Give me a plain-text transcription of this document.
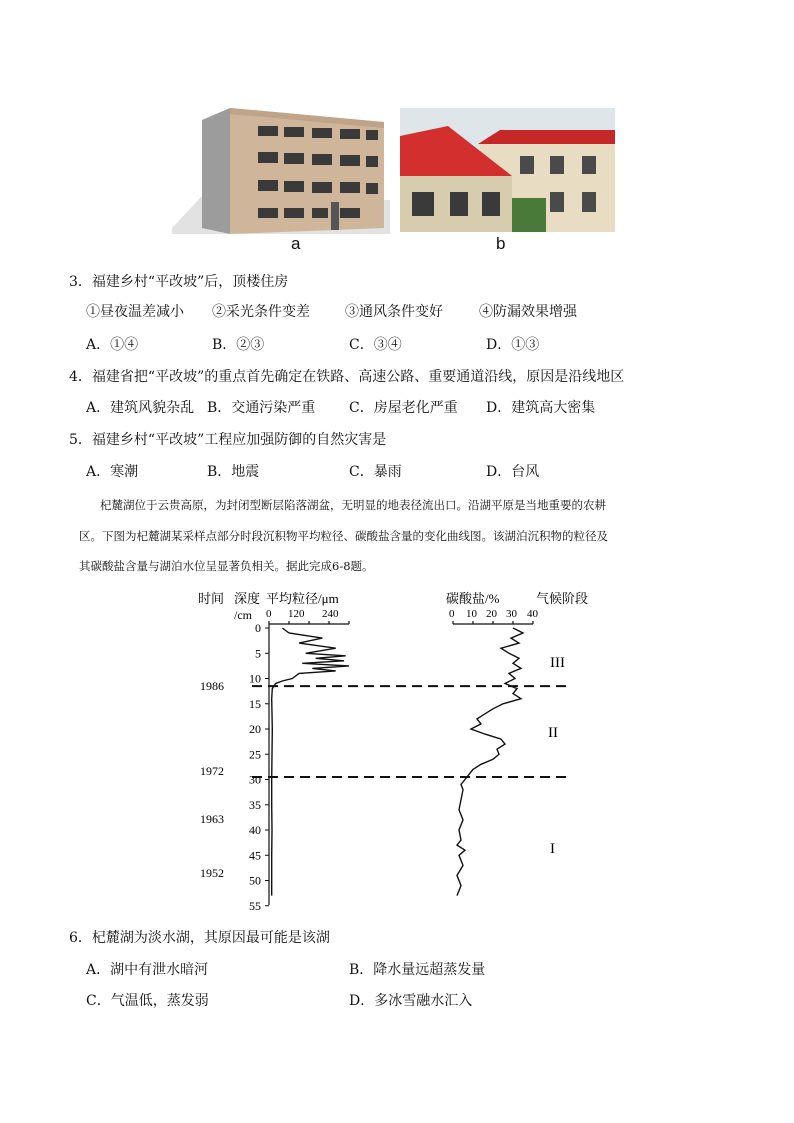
a	b
3．福建乡村“平改坡”后，顶楼住房
①昼夜温差减小 ②采光条件变差	③通风条件变好	④防漏效果增强
A．①④	B．②③	C．③④	D．①③
4．福建省把“平改坡”的重点首先确定在铁路、高速公路、重要通道沿线，原因是沿线地区
A．建筑风貌杂乱 B．交通污染严重 C．房屋老化严重 D．建筑高大密集
5．福建乡村“平改坡”工程应加强防御的自然灾害是
A．寒潮	B．地震	C．暴雨	D．台风
杞麓湖位于云贵高原，为封闭型断层陷落湖盆，无明显的地表径流出口。沿湖平原是当地重要的农耕
区。下图为杞麓湖某采样点部分时段沉积物平均粒径、碳酸盐含量的变化曲线图。该湖泊沉积物的粒径及
其碳酸盐含量与湖泊水位呈显著负相关。据此完成6-8题。
时间 深度 平均粒径/μm
/cm
碳酸盐/%	气候阶段
0 120 240	0 10 20 30 40
0
5
10
15
20
25
30
35
40
45
50
55
1986
1972
1963
1952
III
II
I
6．杞麓湖为淡水湖，其原因最可能是该湖
A．湖中有泄水暗河	B．降水量远超蒸发量
C．气温低，蒸发弱	D．多冰雪融水汇入
